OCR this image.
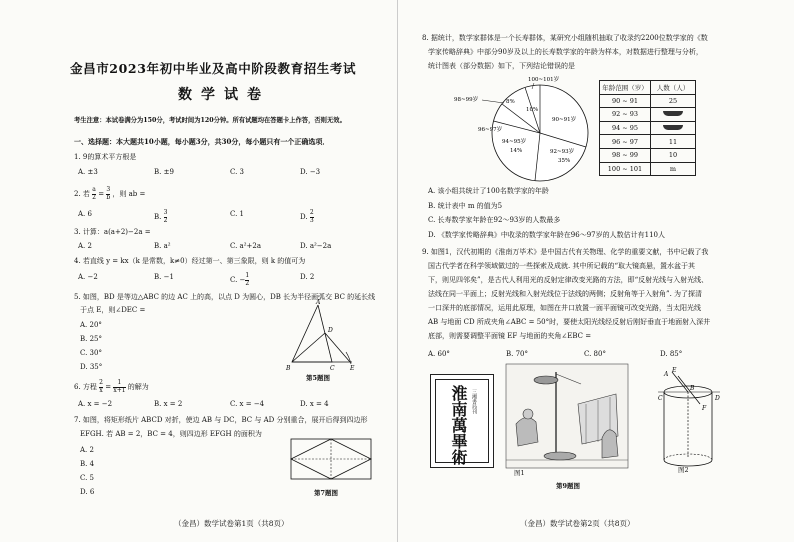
金昌市2023年初中毕业及高中阶段教育招生考试
数学试卷
考生注意：本试卷满分为150分，考试时间为120分钟。所有试题均在答题卡上作答，否则无效。
一、选择题：本大题共10小题，每小题3分，共30分，每小题只有一个正确选项．
1. 9的算术平方根是
A. ±3	B. ±9	C. 3	D. −3
2. 若 $\frac{a}{2} = \frac{3}{b}$ ，则 ab =
A. 6	B. $\frac{3}{2}$	C. 1	D. $\frac{2}{3}$
3. 计算：a(a+2)−2a =
A. 2	B. a²	C. a²+2a	D. a²−2a
4. 若直线 y = kx（k 是常数，k≠0）经过第一、第三象限，则 k 的值可为
A. −2	B. −1	C. − $\frac{1}{2}$	D. 2
5. 如图，BD 是等边△ABC 的边 AC 上的高，以点 D 为圆心，DB 长为半径画弧交 BC 的延长线
于点 E，则∠DEC =
A. 20°
B. 25°
C. 30°
D. 35°
A
D
B	C	E
第5题图
6. 方程 $\frac{2}{x} = \frac{1}{x+1}$ 的解为
A. x = −2	B. x = 2	C. x = −4	D. x = 4
7. 如图，将矩形纸片 ABCD 对折，使边 AB 与 DC，BC 与 AD 分别重合，展开后得到四边形
EFGH. 若 AB = 2，BC = 4，则四边形 EFGH 的面积为
A. 2
B. 4
C. 5
D. 6	第7题图
（金昌）数学试卷第1页（共8页）
8. 据统计，数学家群体是一个长寿群体，某研究小组随机抽取了收录约2200位数学家的《数
学家传略辞典》中部分90岁及以上的长寿数学家的年龄为样本，对数据进行整理与分析，
统计图表（部分数据）如下，下列结论错误的是
100~101岁
98~99岁	8%
10%
96~97岁
94~95岁
14%
90~91岁
92~93岁
35%
年龄范围（岁）	人数（人）
90 ~ 91	25
92 ~ 93	
94 ~ 95	
96 ~ 97	11
98 ~ 99	10
100 ~ 101	m
A. 该小组共统计了100名数学家的年龄
B. 统计表中 m 的值为5
C. 长寿数学家年龄在92～93岁的人数最多
D. 《数学家传略辞典》中收录的数学家年龄在96～97岁的人数估计有110人
9. 如图1，汉代初期的《淮南万毕术》是中国古代有关物理、化学的重要文献，书中记载了我
国古代学者在科学领域做过的一些探索及成就. 其中所记载的“取大镜高悬，置水盆于其
下，则见四邻矣”，是古代人利用光的反射定律改变光路的方法，即“反射光线与入射光线、
法线在同一平面上；反射光线和入射光线位于法线的两侧；反射角等于入射角”. 为了探清
一口深井的底部情况，运用此原理，如图在井口放置一面平面镜可改变光路，当太阳光线
AB 与地面 CD 所成夹角∠ABC = 50°时，要使太阳光线经反射后刚好垂直于地面射入深井
底部，则需要调整平面镜 EF 与地面的夹角∠EBC =
A. 60°	B. 70°	C. 80°	D. 85°
淮南萬畢術 三湘書局刊
图1
E
A
B
F
C	D
图2
第9题图
（金昌）数学试卷第2页（共8页）
